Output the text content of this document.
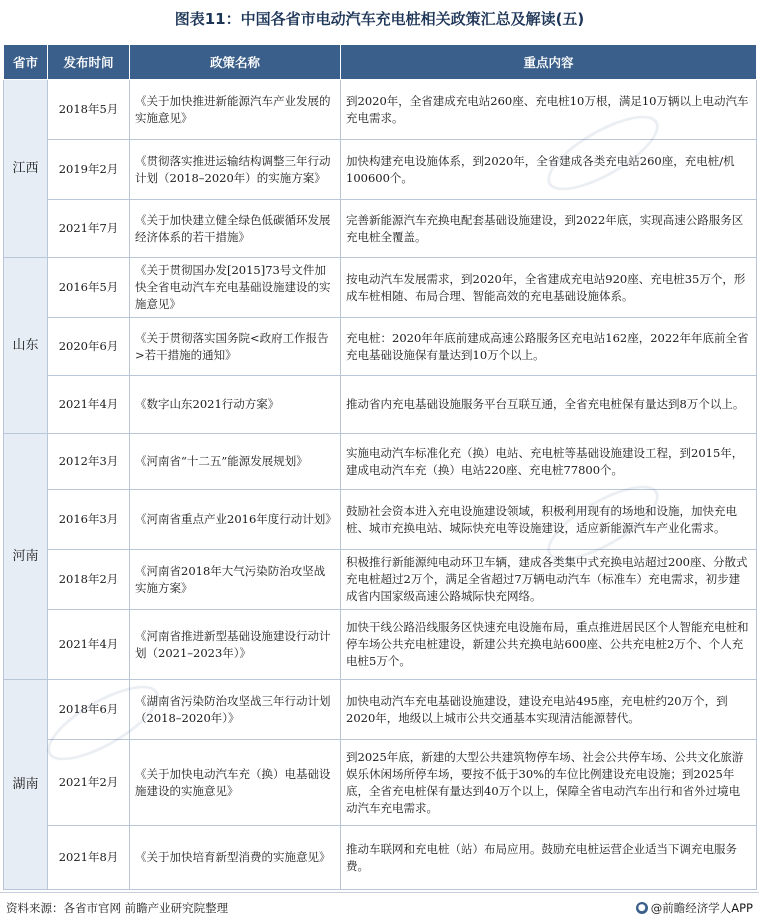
图表11：中国各省市电动汽车充电桩相关政策汇总及解读(五)
省市	发布时间	政策名称	重点内容
江西	2018年5月	《关于加快推进新能源汽车产业发展的实施意见》	到2020年，全省建成充电站260座、充电桩10万根，满足10万辆以上电动汽车充电需求。
	2019年2月	《贯彻落实推进运输结构调整三年行动计划（2018–2020年）的实施方案》	加快构建充电设施体系，到2020年，全省建成各类充电站260座，充电桩/机100600个。
	2021年7月	《关于加快建立健全绿色低碳循环发展经济体系的若干措施》	完善新能源汽车充换电配套基础设施建设，到2022年底，实现高速公路服务区充电桩全覆盖。
山东	2016年5月	《关于贯彻国办发[2015]73号文件加快全省电动汽车充电基础设施建设的实施意见》	按电动汽车发展需求，到2020年，全省建成充电站920座、充电桩35万个，形成车桩相随、布局合理、智能高效的充电基础设施体系。
	2020年6月	《关于贯彻落实国务院<政府工作报告>若干措施的通知》	充电桩：2020年年底前建成高速公路服务区充电站162座，2022年年底前全省充电基础设施保有量达到10万个以上。
	2021年4月	《数字山东2021行动方案》	推动省内充电基础设施服务平台互联互通，全省充电桩保有量达到8万个以上。
河南	2012年3月	《河南省“十二五”能源发展规划》	实施电动汽车标准化充（换）电站、充电桩等基础设施建设工程，到2015年，建成电动汽车充（换）电站220座、充电桩77800个。
	2016年3月	《河南省重点产业2016年度行动计划》	鼓励社会资本进入充电设施建设领域，积极利用现有的场地和设施，加快充电桩、城市充换电站、城际快充电等设施建设，适应新能源汽车产业化需求。
	2018年2月	《河南省2018年大气污染防治攻坚战实施方案》	积极推行新能源纯电动环卫车辆，建成各类集中式充换电站超过200座、分散式充电桩超过2万个，满足全省超过7万辆电动汽车（标准车）充电需求，初步建成省内国家级高速公路城际快充网络。
	2021年4月	《河南省推进新型基础设施建设行动计划（2021–2023年）》	加快干线公路沿线服务区快速充电设施布局，重点推进居民区个人智能充电桩和停车场公共充电桩建设，新建公共充换电站600座、公共充电桩2万个、个人充电桩5万个。
湖南	2018年6月	《湖南省污染防治攻坚战三年行动计划（2018–2020年）》	加快电动汽车充电基础设施建设，建设充电站495座，充电桩约20万个，到2020年，地级以上城市公共交通基本实现清洁能源替代。
	2021年2月	《关于加快电动汽车充（换）电基础设施建设的实施意见》	到2025年底，新建的大型公共建筑物停车场、社会公共停车场、公共文化旅游娱乐休闲场所停车场，要按不低于30%的车位比例建设充电设施；到2025年底，全省充电桩保有量达到40万个以上，保障全省电动汽车出行和省外过境电动汽车充电需求。
	2021年8月	《关于加快培育新型消费的实施意见》	推动车联网和充电桩（站）布局应用。鼓励充电桩运营企业适当下调充电服务费。
资料来源：各省市官网 前瞻产业研究院整理	● @前瞻经济学人APP
